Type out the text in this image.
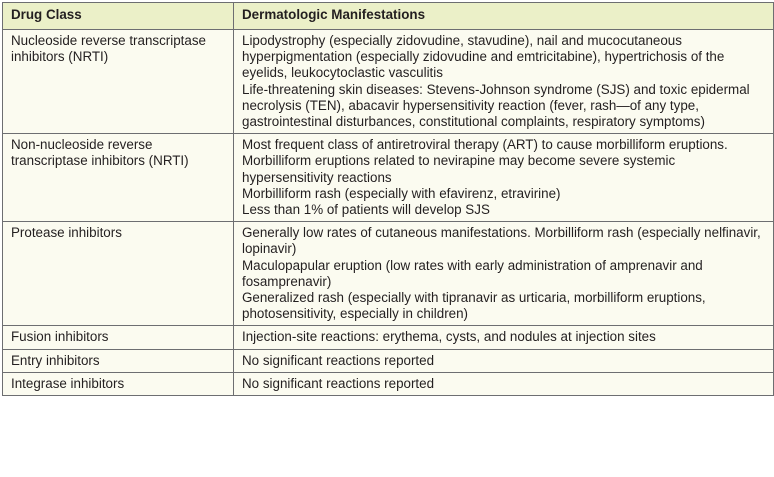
Drug Class	Dermatologic Manifestations
Nucleoside reverse transcriptase inhibitors (NRTI)	Lipodystrophy (especially zidovudine, stavudine), nail and mucocutaneous hyperpigmentation (especially zidovudine and emtricitabine), hypertrichosis of the eyelids, leukocytoclastic vasculitis
Life-threatening skin diseases: Stevens-Johnson syndrome (SJS) and toxic epidermal necrolysis (TEN), abacavir hypersensitivity reaction (fever, rash—of any type, gastrointestinal disturbances, constitutional complaints, respiratory symptoms)

Non-nucleoside reverse transcriptase inhibitors (NRTI)	Most frequent class of antiretroviral therapy (ART) to cause morbilliform eruptions. Morbilliform eruptions related to nevirapine may become severe systemic hypersensitivity reactions
Morbilliform rash (especially with efavirenz, etravirine)
Less than 1% of patients will develop SJS

Protease inhibitors	Generally low rates of cutaneous manifestations. Morbilliform rash (especially nelfinavir, lopinavir)
Maculopapular eruption (low rates with early administration of amprenavir and fosamprenavir)
Generalized rash (especially with tipranavir as urticaria, morbilliform eruptions, photosensitivity, especially in children)

Fusion inhibitors	Injection-site reactions: erythema, cysts, and nodules at injection sites

Entry inhibitors	No significant reactions reported

Integrase inhibitors	No significant reactions reported
